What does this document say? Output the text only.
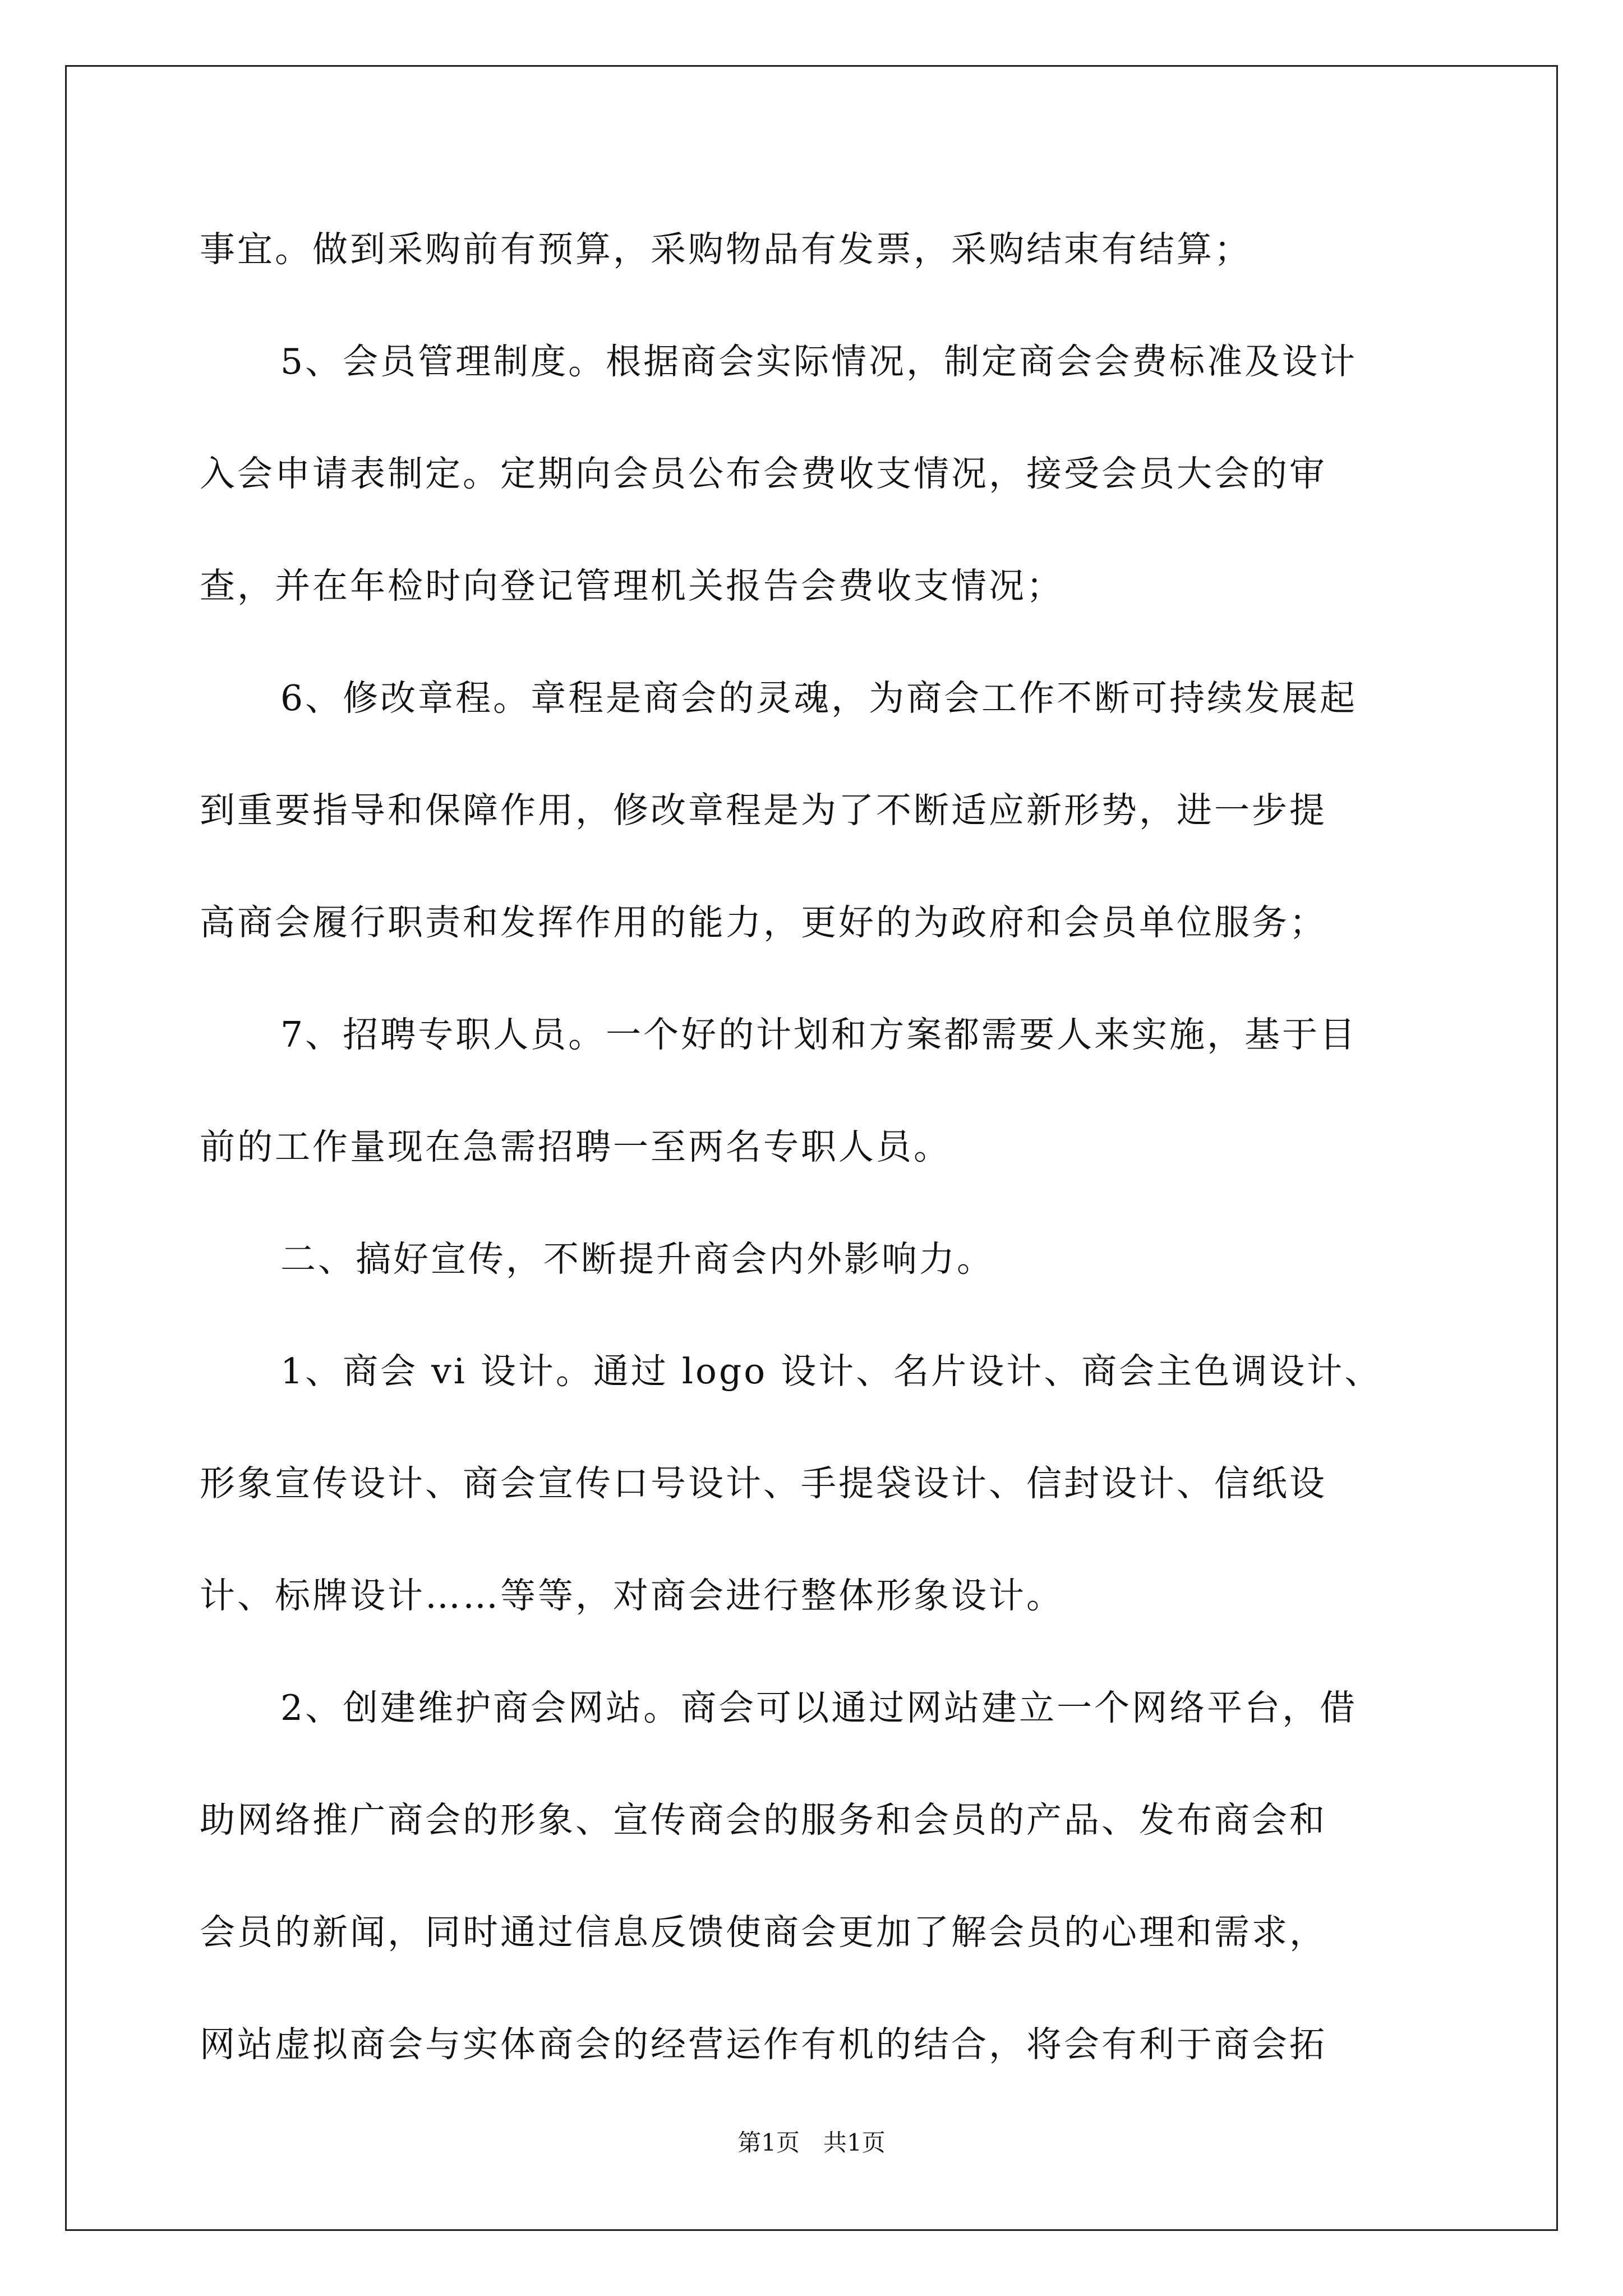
事宜。做到采购前有预算，采购物品有发票，采购结束有结算；
5、会员管理制度。根据商会实际情况，制定商会会费标准及设计
入会申请表制定。定期向会员公布会费收支情况，接受会员大会的审
查，并在年检时向登记管理机关报告会费收支情况；
6、修改章程。章程是商会的灵魂，为商会工作不断可持续发展起
到重要指导和保障作用，修改章程是为了不断适应新形势，进一步提
高商会履行职责和发挥作用的能力，更好的为政府和会员单位服务；
7、招聘专职人员。一个好的计划和方案都需要人来实施，基于目
前的工作量现在急需招聘一至两名专职人员。
二、搞好宣传，不断提升商会内外影响力。
1、商会 vi 设计。通过 logo 设计、名片设计、商会主色调设计、
形象宣传设计、商会宣传口号设计、手提袋设计、信封设计、信纸设
计、标牌设计……等等，对商会进行整体形象设计。
2、创建维护商会网站。商会可以通过网站建立一个网络平台，借
助网络推广商会的形象、宣传商会的服务和会员的产品、发布商会和
会员的新闻，同时通过信息反馈使商会更加了解会员的心理和需求，
网站虚拟商会与实体商会的经营运作有机的结合，将会有利于商会拓
第1页　共1页
